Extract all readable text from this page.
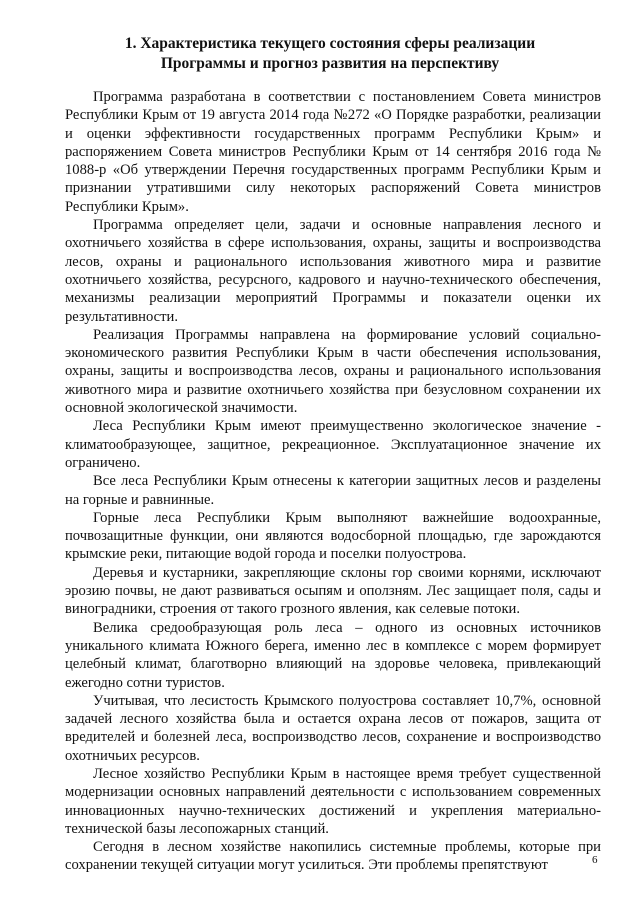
1. Характеристика текущего состояния сферы реализации
Программы и прогноз развития на перспективу

Программа разработана в соответствии с постановлением Совета министров Республики Крым от 19 августа 2014 года №272 «О Порядке разработки, реализации и оценки эффективности государственных программ Республики Крым» и распоряжением Совета министров Республики Крым от 14 сентября 2016 года № 1088-р «Об утверждении Перечня государственных программ Республики Крым и признании утратившими силу некоторых распоряжений Совета министров Республики Крым».

Программа определяет цели, задачи и основные направления лесного и охотничьего хозяйства в сфере использования, охраны, защиты и воспроизводства лесов, охраны и рационального использования животного мира и развитие охотничьего хозяйства, ресурсного, кадрового и научно-технического обеспечения, механизмы реализации мероприятий Программы и показатели оценки их результативности.

Реализация Программы направлена на формирование условий социально-экономического развития Республики Крым в части обеспечения использования, охраны, защиты и воспроизводства лесов, охраны и рационального использования животного мира и развитие охотничьего хозяйства при безусловном сохранении их основной экологической значимости.

Леса Республики Крым имеют преимущественно экологическое значение - климатообразующее, защитное, рекреационное. Эксплуатационное значение их ограничено.

Все леса Республики Крым отнесены к категории защитных лесов и разделены на горные и равнинные.

Горные леса Республики Крым выполняют важнейшие водоохранные, почвозащитные функции, они являются водосборной площадью, где зарождаются крымские реки, питающие водой города и поселки полуострова.

Деревья и кустарники, закрепляющие склоны гор своими корнями, исключают эрозию почвы, не дают развиваться осыпям и оползням. Лес защищает поля, сады и виноградники, строения от такого грозного явления, как селевые потоки.

Велика средообразующая роль леса – одного из основных источников уникального климата Южного берега, именно лес в комплексе с морем формирует целебный климат, благотворно влияющий на здоровье человека, привлекающий ежегодно сотни туристов.

Учитывая, что лесистость Крымского полуострова составляет 10,7%, основной задачей лесного хозяйства была и остается охрана лесов от пожаров, защита от вредителей и болезней леса, воспроизводство лесов, сохранение и воспроизводство охотничьих ресурсов.

Лесное хозяйство Республики Крым в настоящее время требует существенной модернизации основных направлений деятельности с использованием современных инновационных научно-технических достижений и укрепления материально-технической базы лесопожарных станций.

Сегодня в лесном хозяйстве накопились системные проблемы, которые при сохранении текущей ситуации могут усилиться. Эти проблемы препятствуют	6
